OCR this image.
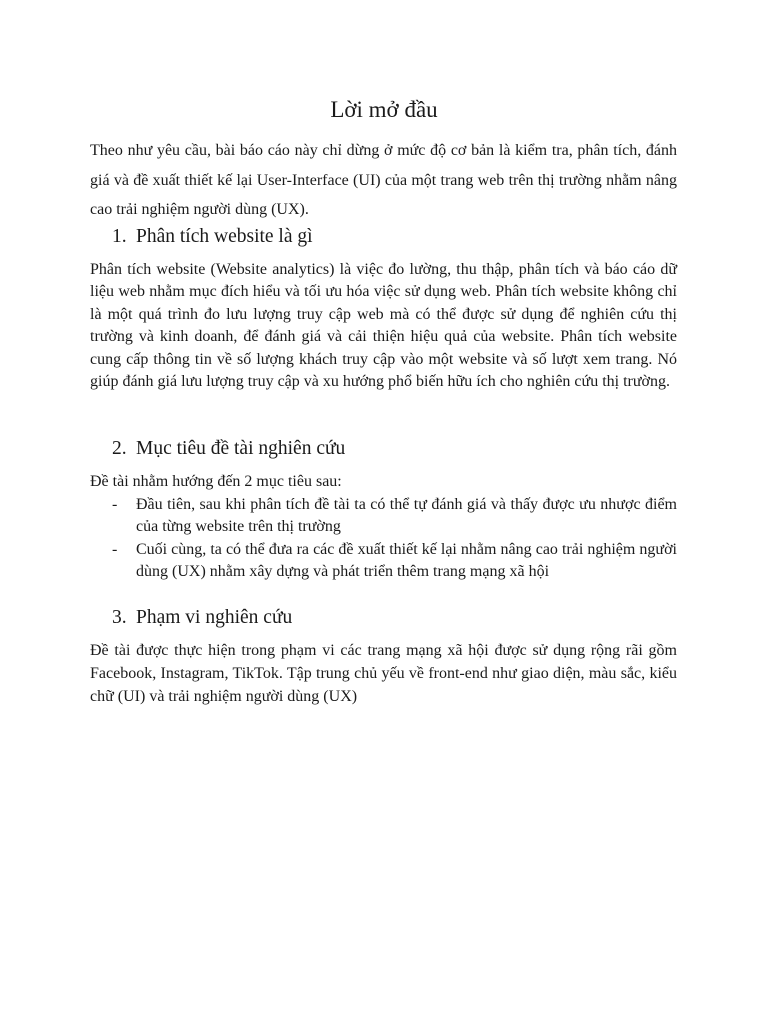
Lời mở đầu

Theo như yêu cầu, bài báo cáo này chỉ dừng ở mức độ cơ bản là kiểm tra, phân tích, đánh giá và đề xuất thiết kế lại User-Interface (UI) của một trang web trên thị trường nhằm nâng cao trải nghiệm người dùng (UX).

1. Phân tích website là gì

Phân tích website (Website analytics) là việc đo lường, thu thập, phân tích và báo cáo dữ liệu web nhằm mục đích hiểu và tối ưu hóa việc sử dụng web. Phân tích website không chỉ là một quá trình đo lưu lượng truy cập web mà có thể được sử dụng để nghiên cứu thị trường và kinh doanh, để đánh giá và cải thiện hiệu quả của website. Phân tích website cung cấp thông tin về số lượng khách truy cập vào một website và số lượt xem trang. Nó giúp đánh giá lưu lượng truy cập và xu hướng phổ biến hữu ích cho nghiên cứu thị trường.

2. Mục tiêu đề tài nghiên cứu

Đề tài nhằm hướng đến 2 mục tiêu sau:

- Đầu tiên, sau khi phân tích đề tài ta có thể tự đánh giá và thấy được ưu nhược điểm của từng website trên thị trường
- Cuối cùng, ta có thể đưa ra các đề xuất thiết kế lại nhằm nâng cao trải nghiệm người dùng (UX) nhằm xây dựng và phát triển thêm trang mạng xã hội
3. Phạm vi nghiên cứu

Đề tài được thực hiện trong phạm vi các trang mạng xã hội được sử dụng rộng rãi gồm Facebook, Instagram, TikTok. Tập trung chủ yếu về front-end như giao diện, màu sắc, kiểu chữ (UI) và trải nghiệm người dùng (UX)
